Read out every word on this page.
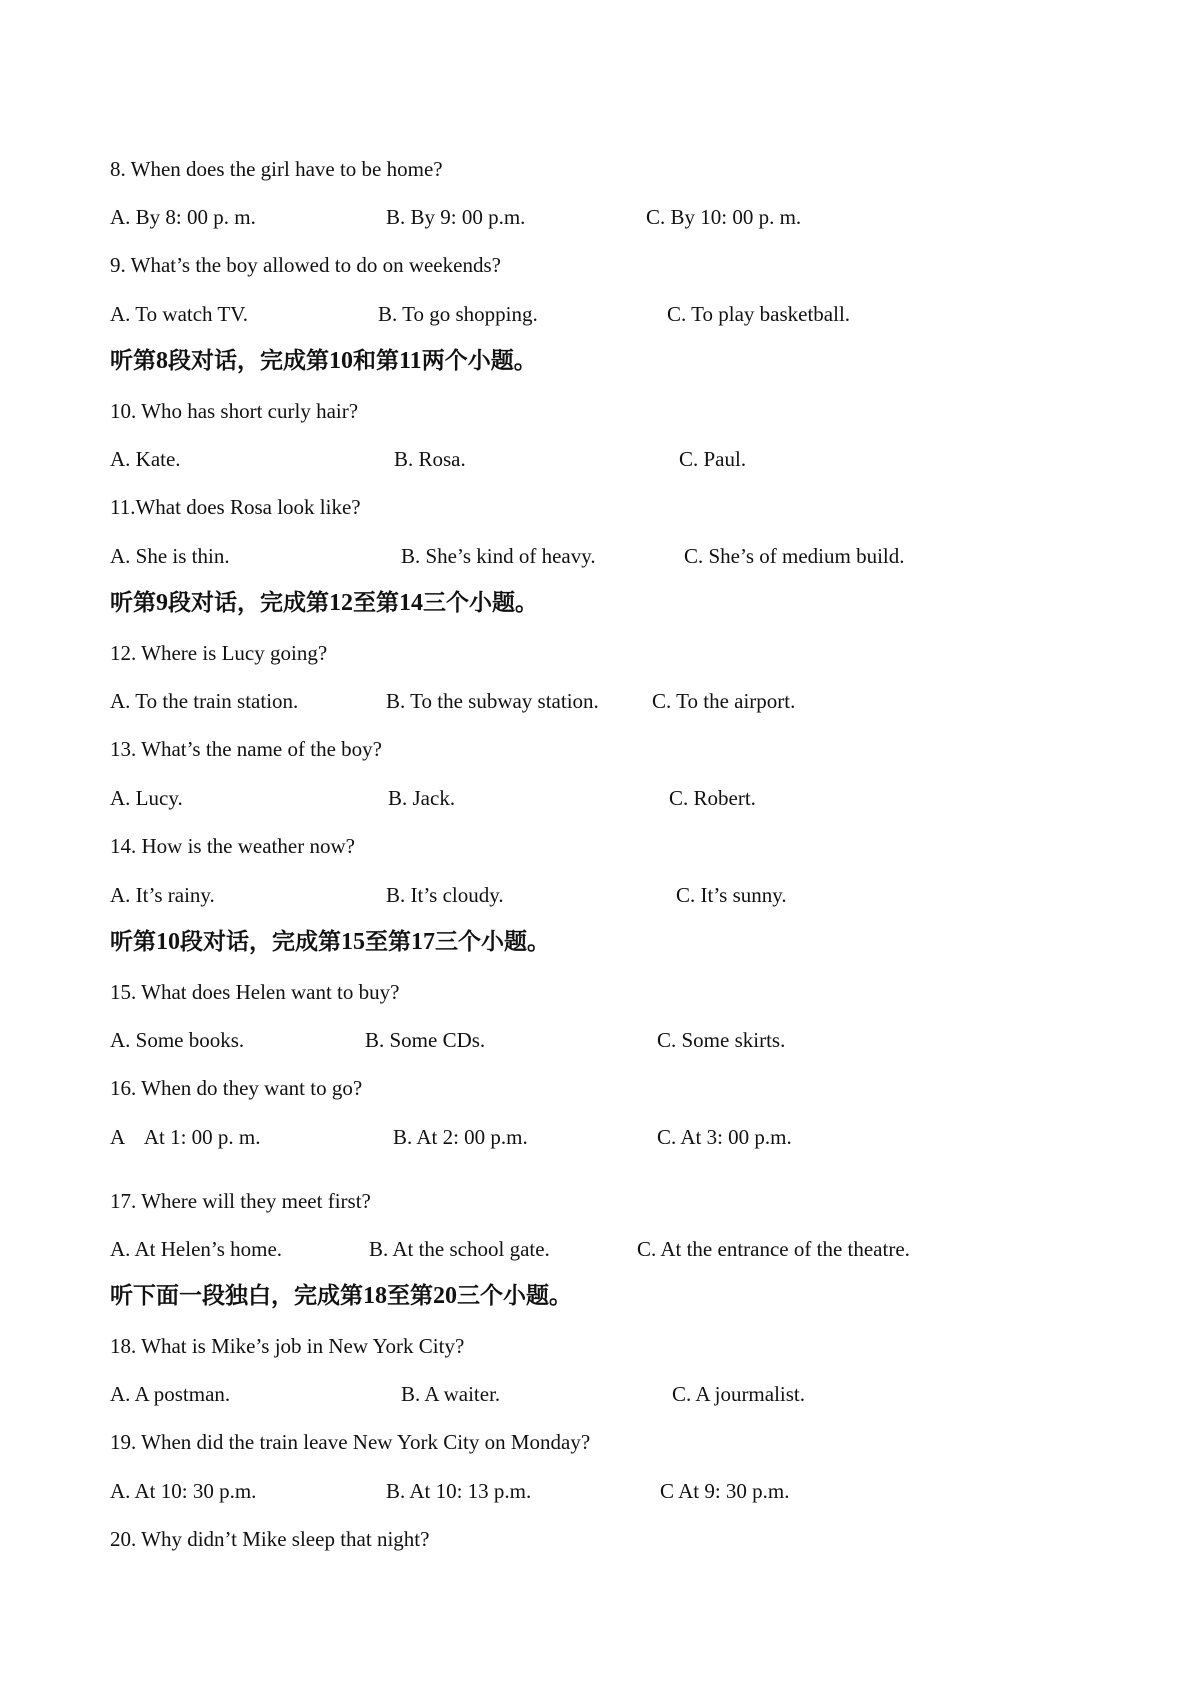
8. When does the girl have to be home?
A. By 8: 00 p. m.	B. By 9: 00 p.m.	C. By 10: 00 p. m.
9. What’s the boy allowed to do on weekends?
A. To watch TV.	B. To go shopping.	C. To play basketball.
听第8段对话，完成第10和第11两个小题。
10. Who has short curly hair?
A. Kate.	B. Rosa.	C. Paul.
11.What does Rosa look like?
A. She is thin.	B. She’s kind of heavy.	C. She’s of medium build.
听第9段对话，完成第12至第14三个小题。
12. Where is Lucy going?
A. To the train station.	B. To the subway station.	C. To the airport.
13. What’s the name of the boy?
A. Lucy.	B. Jack.	C. Robert.
14. How is the weather now?
A. It’s rainy.	B. It’s cloudy.	C. It’s sunny.
听第10段对话，完成第15至第17三个小题。
15. What does Helen want to buy?
A. Some books.	B. Some CDs.	C. Some skirts.
16. When do they want to go?
A    At 1: 00 p. m.	B. At 2: 00 p.m.	C. At 3: 00 p.m.
17. Where will they meet first?
A. At Helen’s home.	B. At the school gate.	C. At the entrance of the theatre.
听下面一段独白，完成第18至第20三个小题。
18. What is Mike’s job in New York City?
A. A postman.	B. A waiter.	C. A jourmalist.
19. When did the train leave New York City on Monday?
A. At 10: 30 p.m.	B. At 10: 13 p.m.	C At 9: 30 p.m.
20. Why didn’t Mike sleep that night?
